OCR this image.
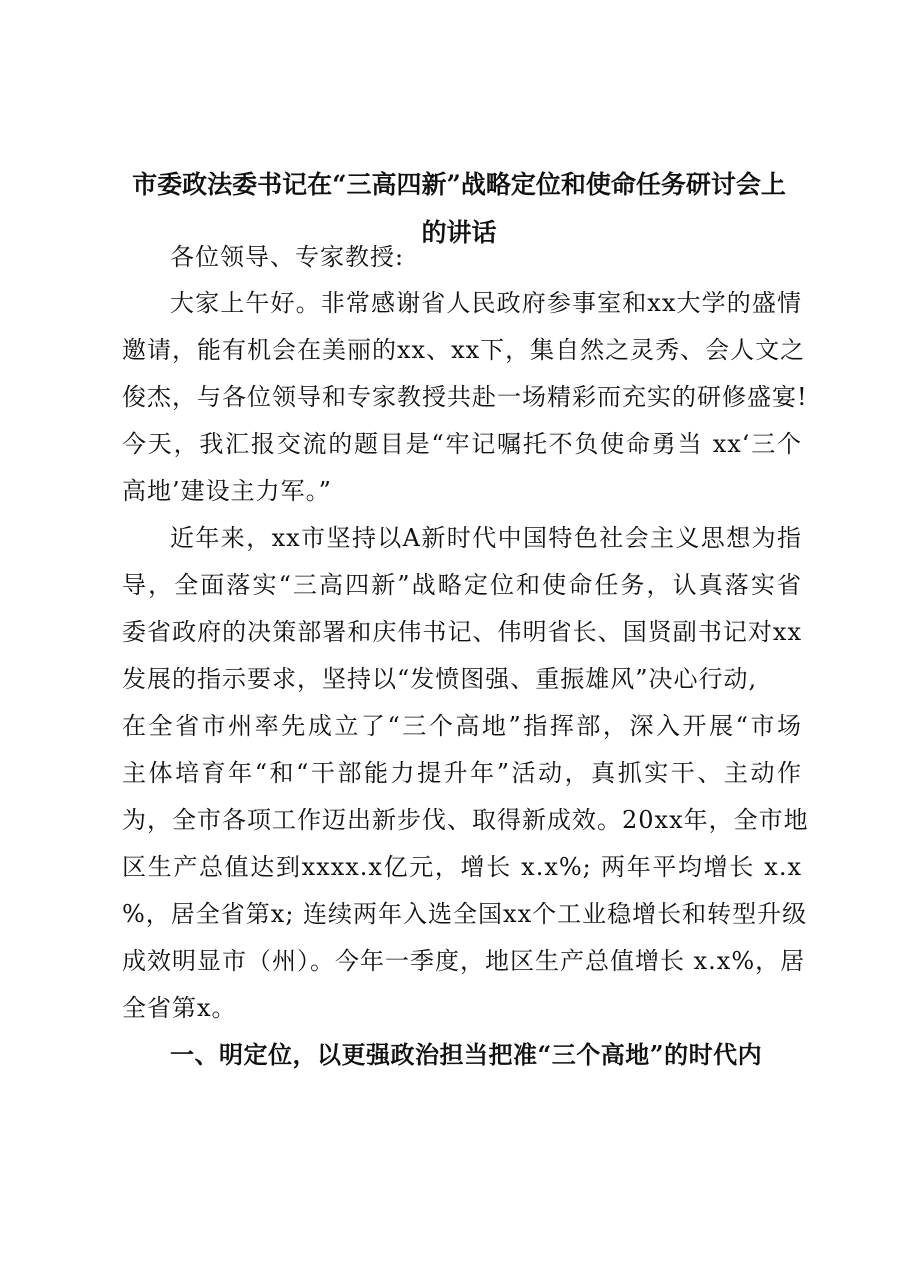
市委政法委书记在“三高四新”战略定位和使命任务研讨会上
的讲话

各位领导、专家教授:

大家上午好。非常感谢省人民政府参事室和xx大学的盛情

邀请，能有机会在美丽的xx、xx下，集自然之灵秀、会人文之

俊杰，与各位领导和专家教授共赴一场精彩而充实的研修盛宴!

今天，我汇报交流的题目是“牢记嘱托不负使命勇当 xx‘三个

高地’建设主力军。”

近年来，xx市坚持以A新时代中国特色社会主义思想为指

导，全面落实“三高四新”战略定位和使命任务，认真落实省

委省政府的决策部署和庆伟书记、伟明省长、国贤副书记对xx

发展的指示要求，坚持以“发愤图强、重振雄风”决心行动,

在全省市州率先成立了“三个高地”指挥部，深入开展“市场

主体培育年“和“干部能力提升年”活动，真抓实干、主动作

为，全市各项工作迈出新步伐、取得新成效。20xx年，全市地

区生产总值达到xxxx.x亿元，增长 x.x%; 两年平均增长 x.x

%，居全省第x; 连续两年入选全国xx个工业稳增长和转型升级

成效明显市（州）。今年一季度，地区生产总值增长 x.x%，居

全省第x。

一、明定位，以更强政治担当把准“三个高地”的时代内
